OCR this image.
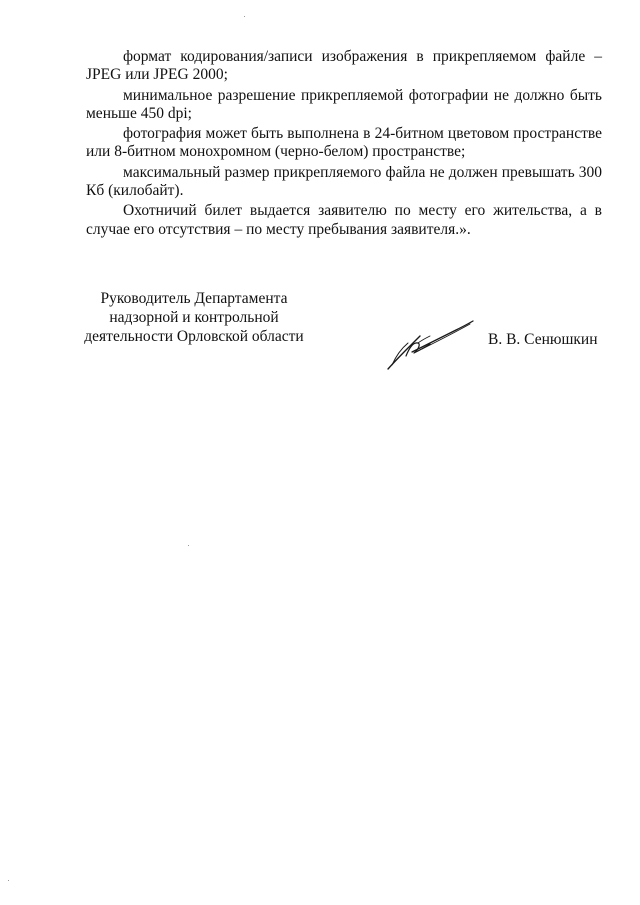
формат кодирования/записи изображения в прикрепляемом файле – JPEG или JPEG 2000;

минимальное разрешение прикрепляемой фотографии не должно быть меньше 450 dpi;

фотография может быть выполнена в 24-битном цветовом пространстве или 8-битном монохромном (черно-белом) пространстве;

максимальный размер прикрепляемого файла не должен превышать 300 Кб (килобайт).

Охотничий билет выдается заявителю по месту его жительства, а в случае его отсутствия – по месту пребывания заявителя.».

Руководитель Департамента
надзорной и контрольной
деятельности Орловской области	В. В. Сенюшкин
